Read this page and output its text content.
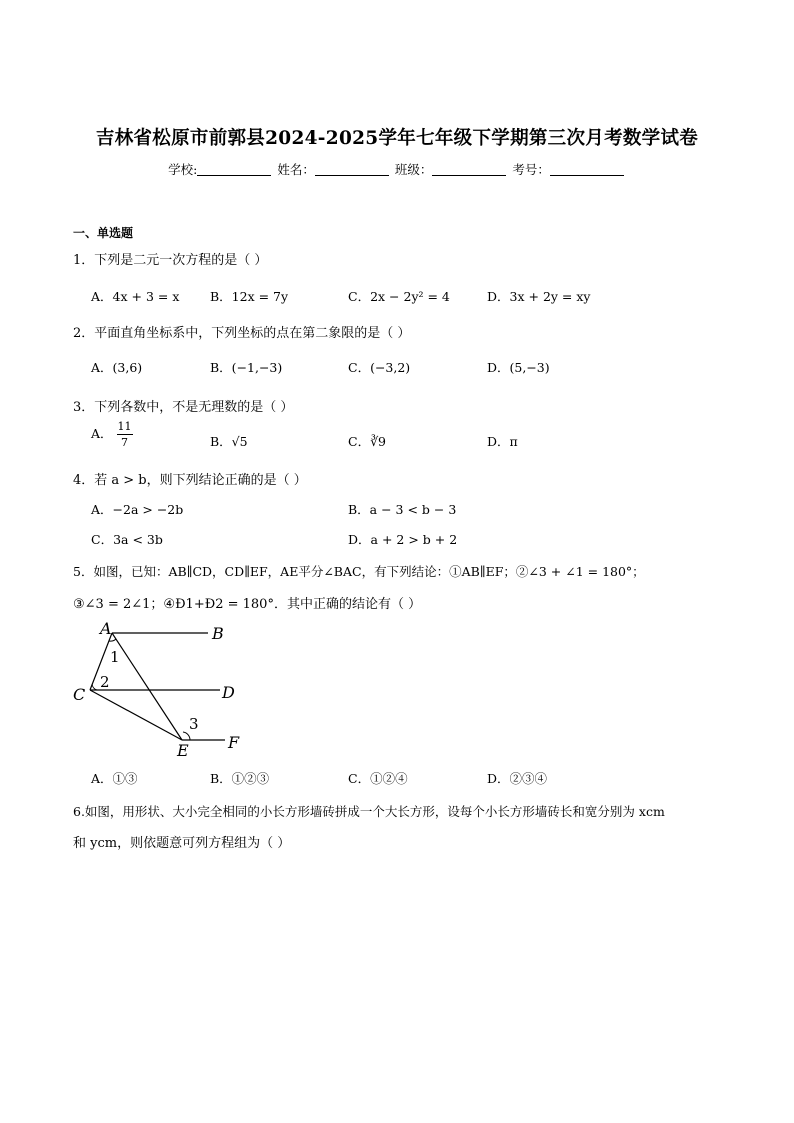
吉林省松原市前郭县2024-2025学年七年级下学期第三次月考数学试卷
学校:	姓名：	班级：	考号：
一、单选题
1．下列是二元一次方程的是（ ）
A．4x + 3 = x B．12x = 7y	C．2x − 2y² = 4	D．3x + 2y = xy
2．平面直角坐标系中，下列坐标的点在第二象限的是（ ）
A．(3,6)	B．(−1,−3)	C．(−3,2)	D．(5,−3)
3．下列各数中，不是无理数的是（ ）
A． $\frac{11}{7}$	B．√5	C．∛9	D．π
4．若 a > b，则下列结论正确的是（ ）
A．−2a > −2b	B．a − 3 < b − 3
C．3a < 3b	D．a + 2 > b + 2
5．如图，已知：AB∥CD，CD∥EF，AE平分∠BAC，有下列结论：①AB∥EF；②∠3 + ∠1 = 180°；
③∠3 = 2∠1；④Ð1+Ð2 = 180°．其中正确的结论有（ ）
A	B
C	D
E F
1
2
3
A．①③	B．①②③	C．①②④	D．②③④
6.如图，用形状、大小完全相同的小长方形墙砖拼成一个大长方形，设每个小长方形墙砖长和宽分别为 xcm
和 ycm，则依题意可列方程组为（ ）
